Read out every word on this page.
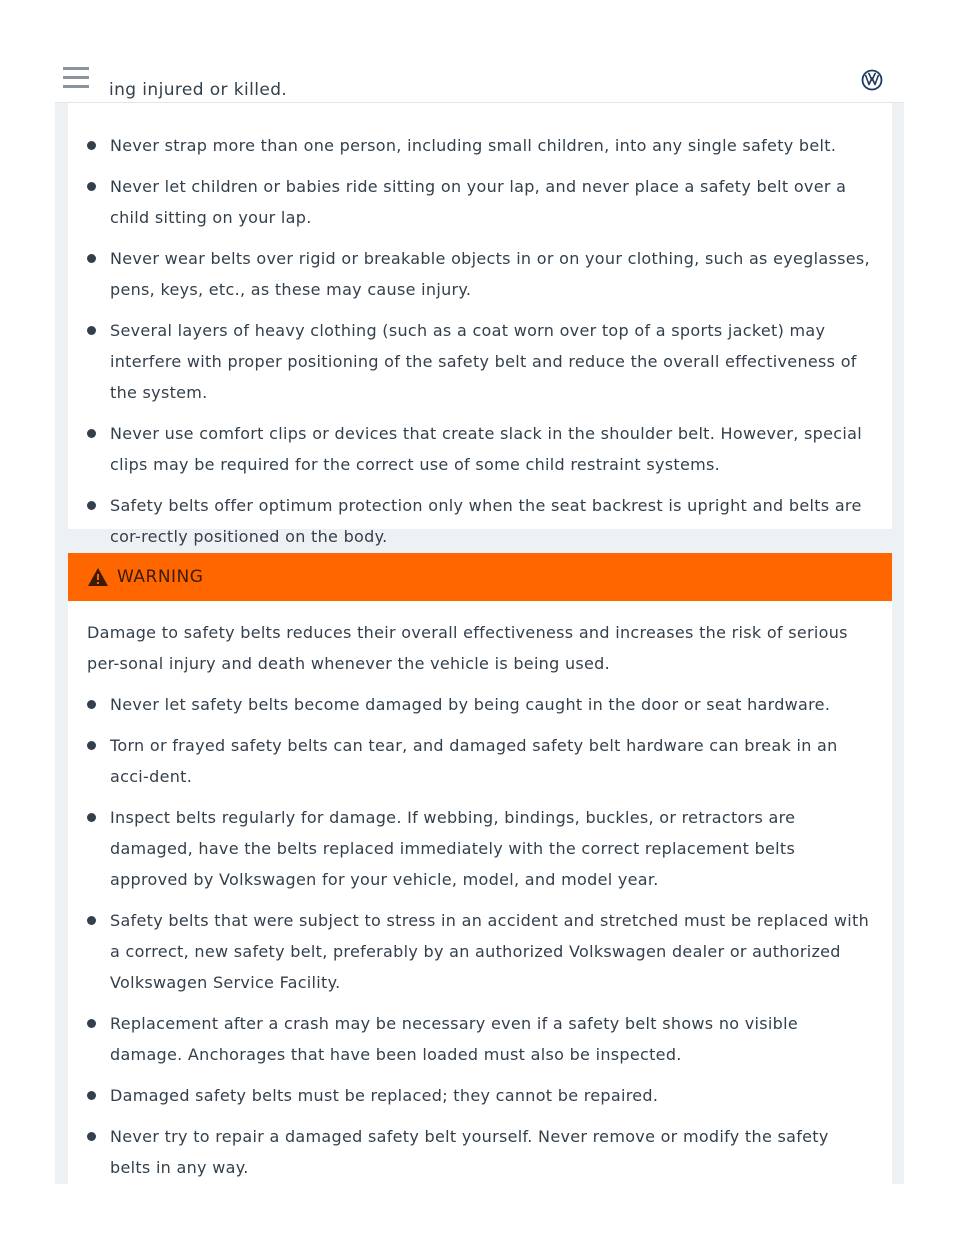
ing injured or killed.
Never strap more than one person, including small children, into any single safety belt.
Never let children or babies ride sitting on your lap, and never place a safety belt over a child sitting on your lap.
Never wear belts over rigid or breakable objects in or on your clothing, such as eyeglasses, pens, keys, etc., as these may cause injury.
Several layers of heavy clothing (such as a coat worn over top of a sports jacket) may interfere with proper positioning of the safety belt and reduce the overall effectiveness of the system.
Never use comfort clips or devices that create slack in the shoulder belt. However, special clips may be required for the correct use of some child restraint systems.
Safety belts offer optimum protection only when the seat backrest is upright and belts are cor-rectly positioned on the body.
WARNING
Damage to safety belts reduces their overall effectiveness and increases the risk of serious per-sonal injury and death whenever the vehicle is being used.
Never let safety belts become damaged by being caught in the door or seat hardware.
Torn or frayed safety belts can tear, and damaged safety belt hardware can break in an acci-dent.
Inspect belts regularly for damage. If webbing, bindings, buckles, or retractors are damaged, have the belts replaced immediately with the correct replacement belts approved by Volkswagen for your vehicle, model, and model year.
Safety belts that were subject to stress in an accident and stretched must be replaced with a correct, new safety belt, preferably by an authorized Volkswagen dealer or authorized Volkswagen Service Facility.
Replacement after a crash may be necessary even if a safety belt shows no visible damage. Anchorages that have been loaded must also be inspected.
Damaged safety belts must be replaced; they cannot be repaired.
Never try to repair a damaged safety belt yourself. Never remove or modify the safety belts in any way.
